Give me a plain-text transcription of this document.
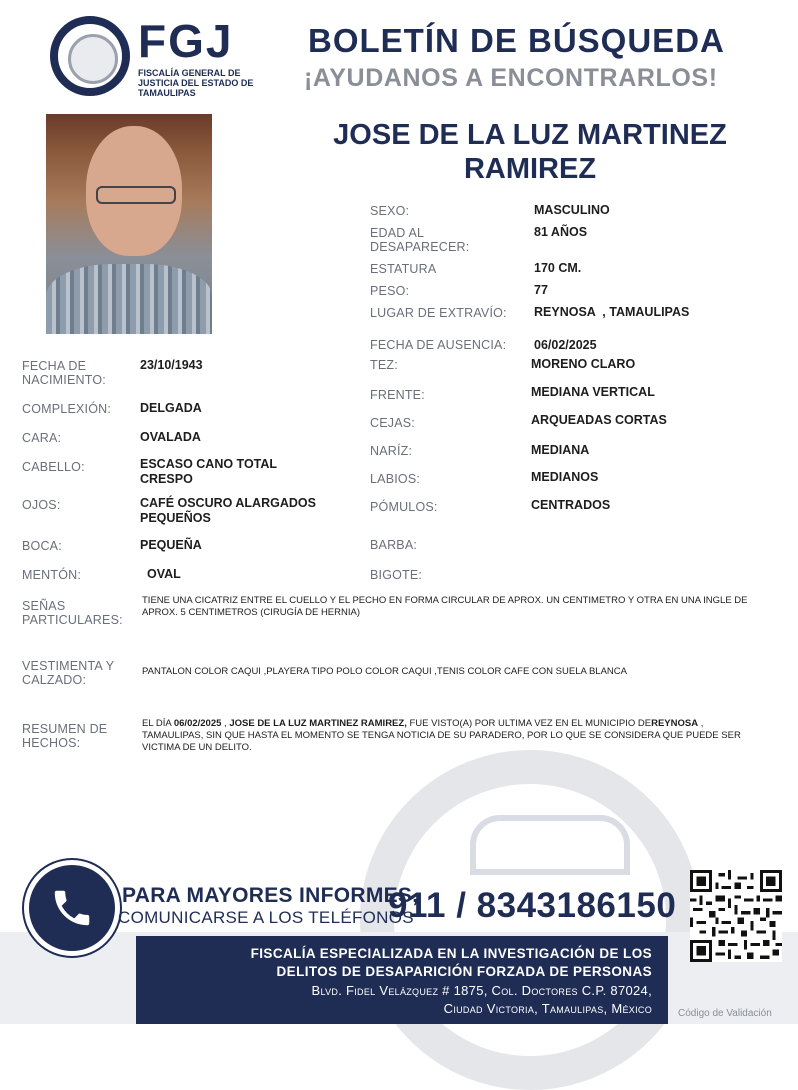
FGJ
FISCALÍA GENERAL DE JUSTICIA DEL ESTADO DE TAMAULIPAS
BOLETÍN DE BÚSQUEDA
¡AYUDANOS A ENCONTRARLOS!
JOSE DE LA LUZ MARTINEZ
RAMIREZ
SEXO:	MASCULINO
EDAD AL
DESAPARECER:
81 AÑOS
ESTATURA	170 CM.
PESO:	77
LUGAR DE EXTRAVÍO: REYNOSA  , TAMAULIPAS
FECHA DE AUSENCIA: 06/02/2025
TEZ:	MORENO CLARO
FRENTE:	MEDIANA VERTICAL
CEJAS:	ARQUEADAS CORTAS
NARÍZ:	MEDIANA
LABIOS:	MEDIANOS
PÓMULOS:	CENTRADOS
BARBA:
BIGOTE:
FECHA DE
NACIMIENTO:
23/10/1943
COMPLEXIÓN: DELGADA
CARA:	OVALADA
CABELLO:	ESCASO CANO TOTAL
CRESPO
OJOS:	CAFÉ OSCURO ALARGADOS
PEQUEÑOS
BOCA:	PEQUEÑA
MENTÓN:	OVAL
SEÑAS
PARTICULARES:
TIENE UNA CICATRIZ ENTRE EL CUELLO Y EL PECHO EN FORMA CIRCULAR DE APROX. UN CENTIMETRO Y OTRA EN UNA INGLE DE APROX. 5 CENTIMETROS (CIRUGÍA DE HERNIA)
VESTIMENTA Y
CALZADO:
PANTALON COLOR CAQUI ,PLAYERA TIPO POLO COLOR CAQUI ,TENIS COLOR CAFE CON SUELA BLANCA
RESUMEN DE
HECHOS:
EL DÍA 06/02/2025 , JOSE DE LA LUZ MARTINEZ RAMIREZ, FUE VISTO(A) POR ULTIMA VEZ EN EL MUNICIPIO DEREYNOSA , TAMAULIPAS, SIN QUE HASTA EL MOMENTO SE TENGA NOTICIA DE SU PARADERO, POR LO QUE SE CONSIDERA QUE PUEDE SER VICTIMA DE UN DELITO.
PARA MAYORES INFORMES,
COMUNICARSE A LOS TELÉFONOS
911 / 8343186150
FISCALÍA ESPECIALIZADA EN LA INVESTIGACIÓN DE LOS
DELITOS DE DESAPARICIÓN FORZADA DE PERSONAS
Blvd. Fidel Velázquez # 1875, Col. Doctores C.P. 87024,
Ciudad Victoria, Tamaulipas, México	Código de Validación
